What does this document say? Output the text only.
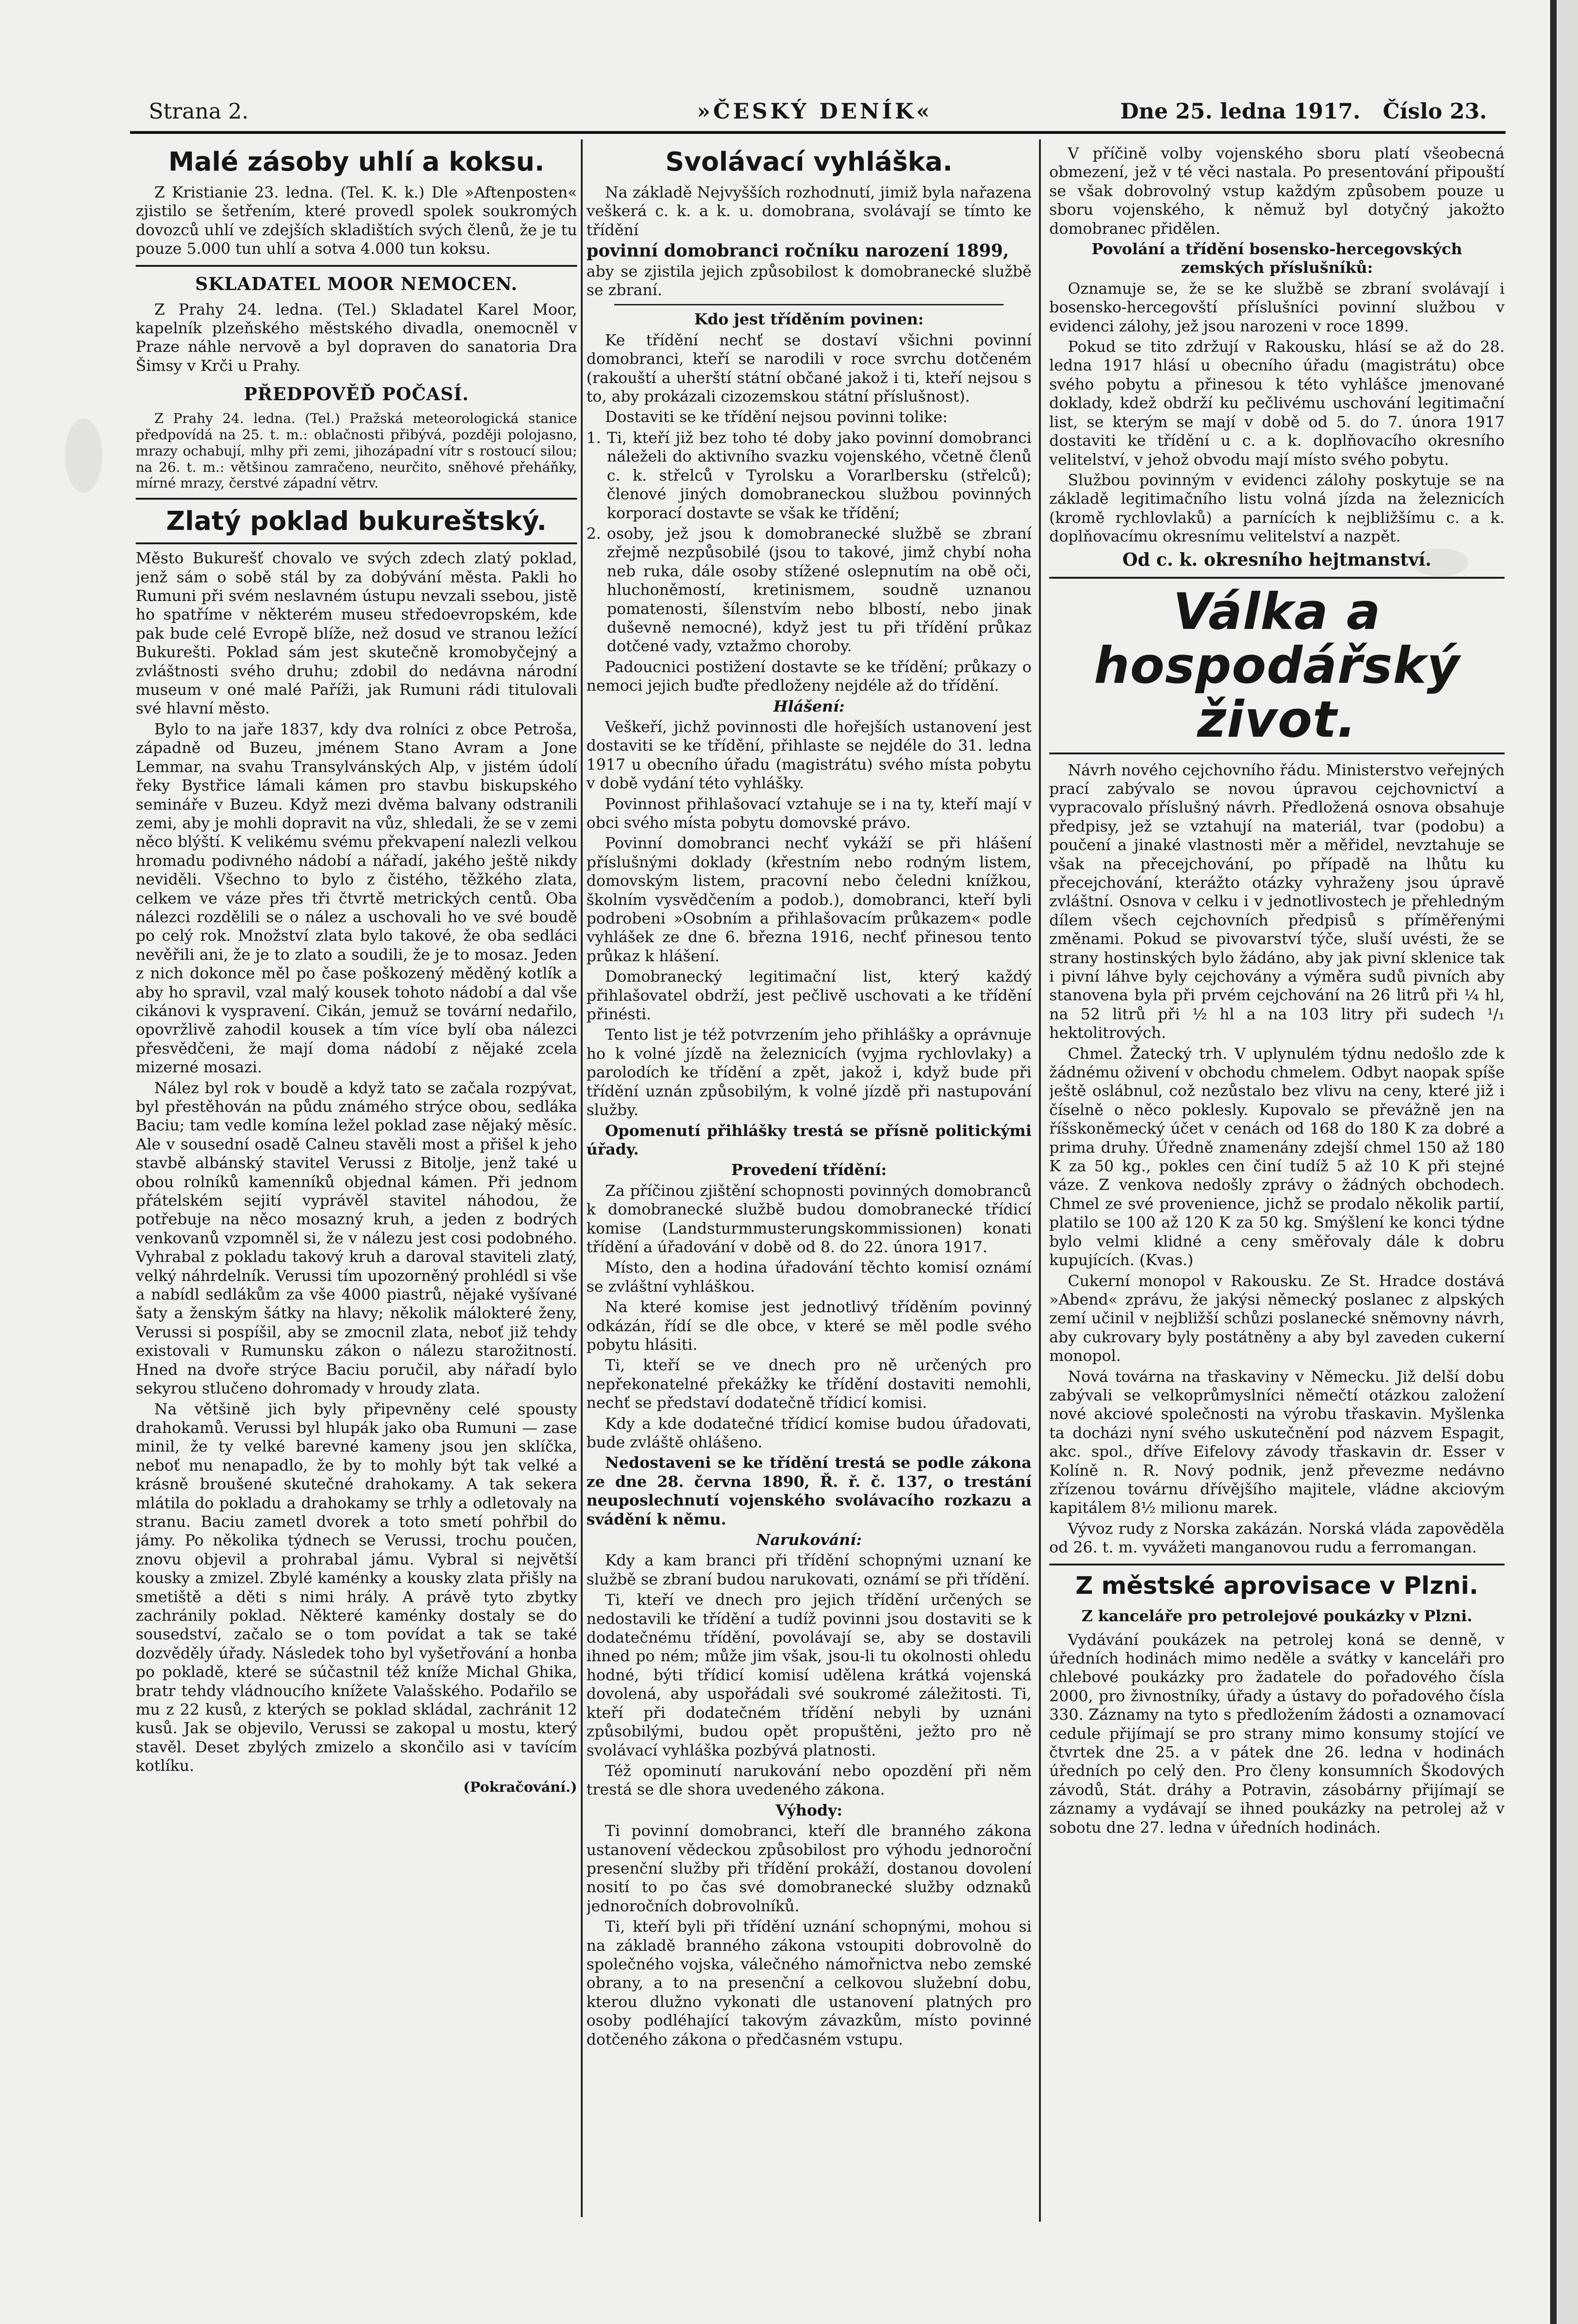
Strana 2.	»ČESKÝ DENÍK«	Dne 25. ledna 1917. Číslo 23.
Malé zásoby uhlí a koksu.

Z Kristianie 23. ledna. (Tel. K. k.) Dle »Aftenposten« zjistilo se šetřením, které provedl spolek soukromých dovozců uhlí ve zdejších skladištích svých členů, že je tu pouze 5.000 tun uhlí a sotva 4.000 tun koksu.

SKLADATEL MOOR NEMOCEN.

Z Prahy 24. ledna. (Tel.) Skladatel Karel Moor, kapelník plzeňského městského divadla, onemocněl v Praze náhle nervově a byl dopraven do sanatoria Dra Šimsy v Krči u Prahy.

PŘEDPOVĚĎ POČASÍ.

Z Prahy 24. ledna. (Tel.) Pražská meteorologická stanice předpovídá na 25. t. m.: oblačnosti přibývá, později polojasno, mrazy ochabují, mlhy při zemi, jihozápadní vítr s rostoucí silou; na 26. t. m.: většinou zamračeno, neurčito, sněhové přeháňky, mírné mrazy, čerstvé západní větrv.

Zlatý poklad bukureštský.

Město Bukurešť chovalo ve svých zdech zlatý poklad, jenž sám o sobě stál by za dobývání města. Pakli ho Rumuni při svém neslavném ústupu nevzali ssebou, jistě ho spatříme v některém museu středoevropském, kde pak bude celé Evropě blíže, než dosud ve stranou ležící Bukurešti. Poklad sám jest skutečně kromobyčejný a zvláštnosti svého druhu; zdobil do nedávna národní museum v oné malé Paříži, jak Rumuni rádi titulovali své hlavní město.

Bylo to na jaře 1837, kdy dva rolníci z obce Petroša, západně od Buzeu, jménem Stano Avram a Jone Lemmar, na svahu Transylvánských Alp, v jistém údolí řeky Bystřice lámali kámen pro stavbu biskupského semináře v Buzeu. Když mezi dvěma balvany odstranili zemi, aby je mohli dopravit na vůz, shledali, že se v zemi něco blýští. K velikému svému překvapení nalezli velkou hromadu podivného nádobí a nářadí, jakého ještě nikdy neviděli. Všechno to bylo z čistého, těžkého zlata, celkem ve váze přes tři čtvrtě metrických centů. Oba nálezci rozdělili se o nález a uschovali ho ve své boudě po celý rok. Množství zlata bylo takové, že oba sedláci nevěřili ani, že je to zlato a soudili, že je to mosaz. Jeden z nich dokonce měl po čase poškozený měděný kotlík a aby ho spravil, vzal malý kousek tohoto nádobí a dal vše cikánovi k vyspravení. Cikán, jemuž se tovární nedařilo, opovržlivě zahodil kousek a tím více bylí oba nálezci přesvědčeni, že mají doma nádobí z nějaké zcela mizerné mosazi.

Nález byl rok v boudě a když tato se začala rozpývat, byl přestěhován na půdu známého strýce obou, sedláka Baciu; tam vedle komína ležel poklad zase nějaký měsíc. Ale v sousední osadě Calneu stavěli most a přišel k jeho stavbě albánský stavitel Verussi z Bitolje, jenž také u obou rolníků kamenníků objednal kámen. Při jednom přátelském sejití vyprávěl stavitel náhodou, že potřebuje na něco mosazný kruh, a jeden z bodrých venkovanů vzpomněl si, že v nálezu jest cosi podobného. Vyhrabal z pokladu takový kruh a daroval staviteli zlatý, velký náhrdelník. Verussi tím upozorněný prohlédl si vše a nabídl sedlákům za vše 4000 piastrů, nějaké vyšívané šaty a ženským šátky na hlavy; několik málokteré ženy, Verussi si pospíšil, aby se zmocnil zlata, neboť již tehdy existovali v Rumunsku zákon o nálezu starožitností. Hned na dvoře strýce Baciu poručil, aby nářadí bylo sekyrou stlučeno dohromady v hroudy zlata.

Na většině jich byly připevněny celé spousty drahokamů. Verussi byl hlupák jako oba Rumuni — zase minil, že ty velké barevné kameny jsou jen sklíčka, neboť mu nenapadlo, že by to mohly být tak velké a krásně broušené skutečné drahokamy. A tak sekera mlátila do pokladu a drahokamy se trhly a odletovaly na stranu. Baciu zametl dvorek a toto smetí pohřbil do jámy. Po několika týdnech se Verussi, trochu poučen, znovu objevil a prohrabal jámu. Vybral si největší kousky a zmizel. Zbylé kaménky a kousky zlata přišly na smetiště a děti s nimi hrály. A právě tyto zbytky zachránily poklad. Některé kaménky dostaly se do sousedství, začalo se o tom povídat a tak se také dozvěděly úřady. Následek toho byl vyšetřování a honba po pokladě, které se súčastnil též kníže Michal Ghika, bratr tehdy vládnoucího knížete Valašského. Podařilo se mu z 22 kusů, z kterých se poklad skládal, zachránit 12 kusů. Jak se objevilo, Verussi se zakopal u mostu, který stavěl. Deset zbylých zmizelo a skončilo asi v tavícím kotlíku.

(Pokračování.)
Svolávací vyhláška.

Na základě Nejvyšších rozhodnutí, jimiž byla nařazena veškerá c. k. a k. u. domobrana, svolávají se tímto ke třídění

povinní domobranci ročníku narození 1899,

aby se zjistila jejich způsobilost k domobranecké službě se zbraní.

Kdo jest tříděním povinen:

Ke třídění nechť se dostaví všichni povinní domobranci, kteří se narodili v roce svrchu dotčeném (rakouští a uherští státní občané jakož i ti, kteří nejsou s to, aby prokázali cizozemskou státní příslušnost).

Dostaviti se ke třídění nejsou povinni tolike:

1. Ti, kteří již bez toho té doby jako povinní domobranci náleželi do aktivního svazku vojenského, včetně členů c. k. střelců v Tyrolsku a Vorarlbersku (střelců); členové jiných domobraneckou službou povinných korporací dostavte se však ke třídění;

2. osoby, jež jsou k domobranecké službě se zbraní zřejmě nezpůsobilé (jsou to takové, jimž chybí noha neb ruka, dále osoby stížené oslepnutím na obě oči, hluchoněmostí, kretinismem, soudně uznanou pomatenosti, šílenstvím nebo blbostí, nebo jinak duševně nemocné), když jest tu při třídění průkaz dotčené vady, vztažmo choroby.

Padoucnici postižení dostavte se ke třídění; průkazy o nemoci jejich buďte předloženy nejdéle až do třídění.

Hlášení:

Veškeří, jichž povinnosti dle hořejších ustanovení jest dostaviti se ke třídění, přihlaste se nejdéle do 31. ledna 1917 u obecního úřadu (magistrátu) svého místa pobytu v době vydání této vyhlášky.

Povinnost přihlašovací vztahuje se i na ty, kteří mají v obci svého místa pobytu domovské právo.

Povinní domobranci nechť vykáží se při hlášení příslušnými doklady (křestním nebo rodným listem, domovským listem, pracovní nebo čeledni knížkou, školním vysvědčením a podob.), domobranci, kteří byli podrobeni »Osobním a přihlašovacím průkazem« podle vyhlášek ze dne 6. března 1916, nechť přinesou tento průkaz k hlášení.

Domobranecký legitimační list, který každý přihlašovatel obdrží, jest pečlivě uschovati a ke třídění přinésti.

Tento list je též potvrzením jeho přihlášky a oprávnuje ho k volné jízdě na železnicích (vyjma rychlovlaky) a parolodích ke třídění a zpět, jakož i, když bude při třídění uznán způsobilým, k volné jízdě při nastupování služby.

Opomenutí přihlášky trestá se přísně politickými úřady.

Provedení třídění:

Za příčinou zjištění schopnosti povinných domobranců k domobranecké službě budou domobranecké třídicí komise (Landsturmmusterungskommissionen) konati třídění a úřadování v době od 8. do 22. února 1917.

Místo, den a hodina úřadování těchto komisí oznámí se zvláštní vyhláškou.

Na které komise jest jednotlivý tříděním povinný odkázán, řídí se dle obce, v které se měl podle svého pobytu hlásiti.

Ti, kteří se ve dnech pro ně určených pro nepřekonatelné překážky ke třídění dostaviti nemohli, nechť se představí dodatečně třídicí komisi.

Kdy a kde dodatečné třídicí komise budou úřadovati, bude zvláště ohlášeno.

Nedostaveni se ke třídění trestá se podle zákona ze dne 28. června 1890, Ř. ř. č. 137, o trestání neuposlechnutí vojenského svolávacího rozkazu a svádění k němu.

Narukování:

Kdy a kam branci při třídění schopnými uznaní ke službě se zbraní budou narukovati, oznámí se při třídění.

Ti, kteří ve dnech pro jejich třídění určených se nedostavili ke třídění a tudíž povinni jsou dostaviti se k dodatečnému třídění, povolávají se, aby se dostavili ihned po ném; může jim však, jsou-li tu okolnosti ohledu hodné, býti třídicí komisí udělena krátká vojenská dovolená, aby uspořádali své soukromé záležitosti. Ti, kteří při dodatečném třídění nebyli by uznáni způsobilými, budou opět propuštěni, ježto pro ně svolávací vyhláška pozbývá platnosti.

Též opominutí narukování nebo opozdění při něm trestá se dle shora uvedeného zákona.

Výhody:

Ti povinní domobranci, kteří dle branného zákona ustanovení vědeckou způsobilost pro výhodu jednoroční presenční služby při třídění prokáží, dostanou dovolení nosití to po čas své domobranecké služby odznaků jednoročních dobrovolníků.

Ti, kteří byli při třídění uznání schopnými, mohou si na základě branného zákona vstoupiti dobrovolně do společného vojska, válečného námořnictva nebo zemské obrany, a to na presenční a celkovou služební dobu, kterou dlužno vykonati dle ustanovení platných pro osoby podléhající takovým závazkům, místo povinné dotčeného zákona o předčasném vstupu.

V příčině volby vojenského sboru platí všeobecná obmezení, jež v té věci nastala. Po presentování připouští se však dobrovolný vstup každým způsobem pouze u sboru vojenského, k němuž byl dotyčný jakožto domobranec přidělen.

Povolání a třídění bosensko-hercegovských zemských příslušníků:

Oznamuje se, že se ke službě se zbraní svolávají i bosensko-hercegovští příslušníci povinní službou v evidenci zálohy, jež jsou narozeni v roce 1899.

Pokud se tito zdržují v Rakousku, hlásí se až do 28. ledna 1917 hlásí u obecního úřadu (magistrátu) obce svého pobytu a přinesou k této vyhlášce jmenované doklady, kdež obdrží ku pečlivému uschování legitimační list, se kterým se mají v době od 5. do 7. února 1917 dostaviti ke třídění u c. a k. doplňovacího okresního velitelství, v jehož obvodu mají místo svého pobytu.

Službou povinným v evidenci zálohy poskytuje se na základě legitimačního listu volná jízda na železnicích (kromě rychlovlaků) a parnících k nejbližšímu c. a k. doplňovacímu okresnímu velitelství a nazpět.

Od c. k. okresního hejtmanství.
Válka a hospodářský život.

Návrh nového cejchovního řádu. Ministerstvo veřejných prací zabývalo se novou úpravou cejchovnictví a vypracovalo příslušný návrh. Předložená osnova obsahuje předpisy, jež se vztahují na materiál, tvar (podobu) a poučení a jinaké vlastnosti měr a měřidel, nevztahuje se však na přecejchování, po případě na lhůtu ku přecejchování, kterážto otázky vyhraženy jsou úpravě zvláštní. Osnova v celku i v jednotlivostech je přehledným dílem všech cejchovních předpisů s příměřenými změnami. Pokud se pivovarství týče, sluší uvésti, že se strany hostinských bylo žádáno, aby jak pivní sklenice tak i pivní láhve byly cejchovány a výměra sudů pivních aby stanovena byla při prvém cejchování na 26 litrů při ¼ hl, na 52 litrů při ½ hl a na 103 litry při sudech ¹/₁ hektolitrových.

Chmel. Žatecký trh. V uplynulém týdnu nedošlo zde k žádnému oživení v obchodu chmelem. Odbyt naopak spíše ještě oslábnul, což nezůstalo bez vlivu na ceny, které již i číselně o něco poklesly. Kupovalo se převážně jen na říšskoněmecký účet v cenách od 168 do 180 K za dobré a prima druhy. Úředně znamenány zdejší chmel 150 až 180 K za 50 kg., pokles cen činí tudíž 5 až 10 K při stejné váze. Z venkova nedošly zprávy o žádných obchodech. Chmel ze své provenience, jichž se prodalo několik partií, platilo se 100 až 120 K za 50 kg. Smýšlení ke konci týdne bylo velmi klidné a ceny směřovaly dále k dobru kupujících. (Kvas.)

Cukerní monopol v Rakousku. Ze St. Hradce dostává »Abend« zprávu, že jakýsi německý poslanec z alpských zemí učinil v nejbližší schůzi poslanecké sněmovny návrh, aby cukrovary byly postátněny a aby byl zaveden cukerní monopol.

Nová továrna na třaskaviny v Německu. Již delší dobu zabývali se velkoprůmyslníci němečtí otázkou založení nové akciové společnosti na výrobu třaskavin. Myšlenka ta docházi nyní svého uskutečnění pod názvem Espagit, akc. spol., dříve Eifelovy závody třaskavin dr. Esser v Kolíně n. R. Nový podnik, jenž převezme nedávno zřízenou továrnu dřívějšího majitele, vládne akciovým kapitálem 8½ milionu marek.

Vývoz rudy z Norska zakázán. Norská vláda zapověděla od 26. t. m. vyvážeti manganovou rudu a ferromangan.

Z městské aprovisace v Plzni.
Z kanceláře pro petrolejové poukázky v Plzni.

Vydávání poukázek na petrolej koná se denně, v úředních hodinách mimo neděle a svátky v kanceláři pro chlebové poukázky pro žadatele do pořadového čísla 2000, pro živnostníky, úřady a ústavy do pořadového čísla 330. Záznamy na tyto s předložením žádosti a oznamovací cedule přijímají se pro strany mimo konsumy stojící ve čtvrtek dne 25. a v pátek dne 26. ledna v hodinách úředních po celý den. Pro členy konsumních Škodových závodů, Stát. dráhy a Potravin, zásobárny přijímají se záznamy a vydávají se ihned poukázky na petrolej až v sobotu dne 27. ledna v úředních hodinách.
